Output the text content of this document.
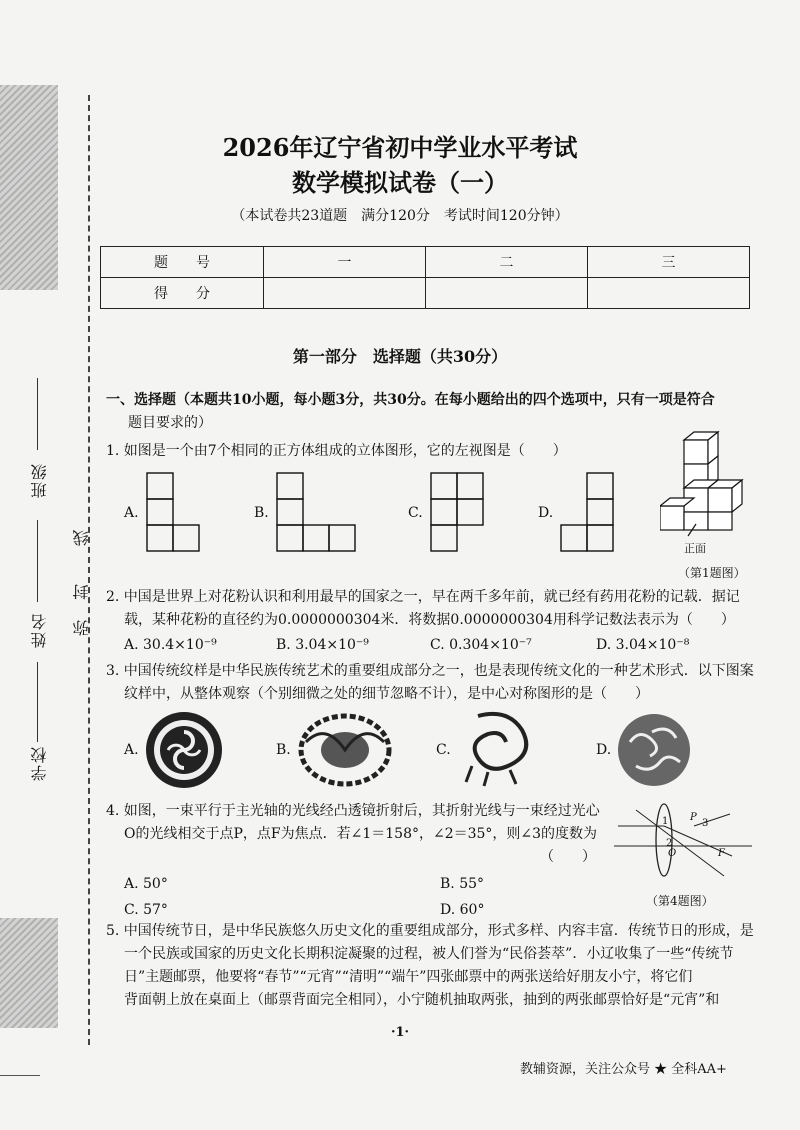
班级
姓名
学校
线
封
弥
2026年辽宁省初中学业水平考试
数学模拟试卷（一）
（本试卷共23道题　满分120分　考试时间120分钟）
题　　号	一	二	三
得　　分			
第一部分　选择题（共30分）
一、选择题（本题共10小题，每小题3分，共30分。在每小题给出的四个选项中，只有一项是符合
题目要求的）
1. 如图是一个由7个相同的正方体组成的立体图形，它的左视图是（　　）
A.	B.	C.	D.
正面
（第1题图）
2. 中国是世界上对花粉认识和利用最早的国家之一，早在两千多年前，就已经有药用花粉的记载．据记
载，某种花粉的直径约为0.0000000304米．将数据0.0000000304用科学记数法表示为（　　）
A. 30.4×10⁻⁹	B. 3.04×10⁻⁹	C. 0.304×10⁻⁷	D. 3.04×10⁻⁸
3. 中国传统纹样是中华民族传统艺术的重要组成部分之一，也是表现传统文化的一种艺术形式．以下图案
纹样中，从整体观察（个别细微之处的细节忽略不计），是中心对称图形的是（　　）
A.	B.	C.	D.
4. 如图，一束平行于主光轴的光线经凸透镜折射后，其折射光线与一束经过光心
O的光线相交于点P，点F为焦点．若∠1＝158°，∠2＝35°，则∠3的度数为
（　　）
A. 50°	B. 55°
C. 57°	D. 60°
1
2
3
P
O	F
（第4题图）
5. 中国传统节日，是中华民族悠久历史文化的重要组成部分，形式多样、内容丰富．传统节日的形成，是
一个民族或国家的历史文化长期积淀凝聚的过程，被人们誉为“民俗荟萃”．小辽收集了一些“传统节
日”主题邮票，他要将“春节”“元宵”“清明”“端午”四张邮票中的两张送给好朋友小宁，将它们
背面朝上放在桌面上（邮票背面完全相同），小宁随机抽取两张，抽到的两张邮票恰好是“元宵”和
·1·
教辅资源，关注公众号 ★ 全科AA+
